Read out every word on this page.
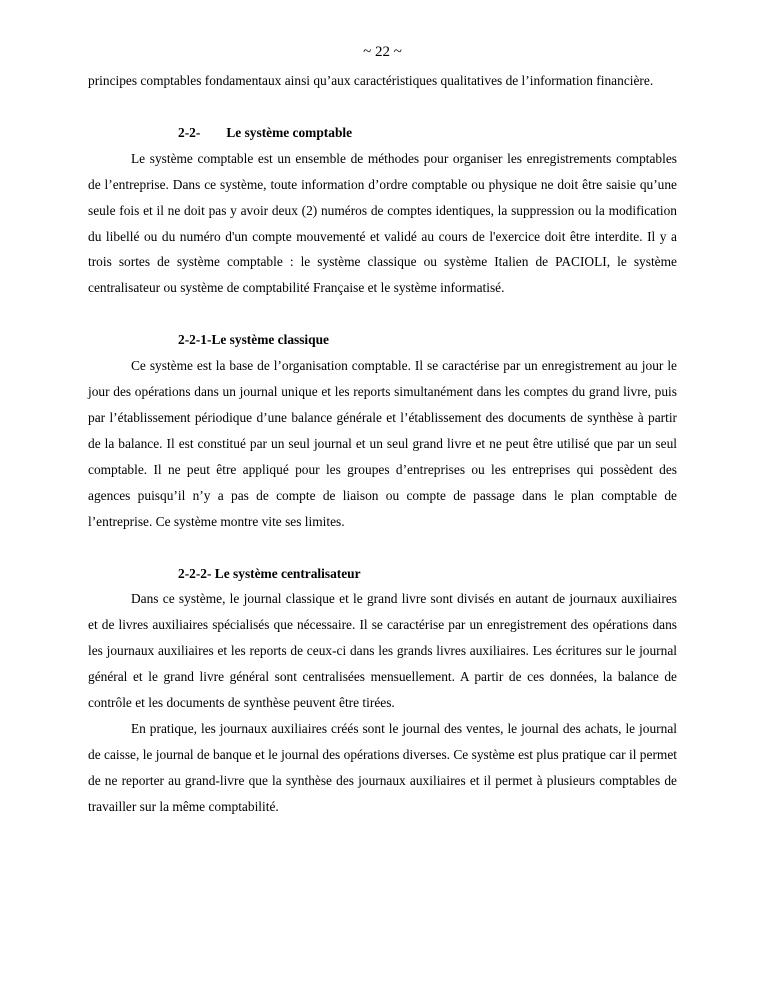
~ 22 ~

principes comptables fondamentaux ainsi qu’aux caractéristiques qualitatives de l’information financière.

2-2- Le système comptable

Le système comptable est un ensemble de méthodes pour organiser les enregistrements comptables de l’entreprise. Dans ce système, toute information d’ordre comptable ou physique ne doit être saisie qu’une seule fois et il ne doit pas y avoir deux (2) numéros de comptes identiques, la suppression ou la modification du libellé ou du numéro d'un compte mouvementé et validé au cours de l'exercice doit être interdite. Il y a trois sortes de système comptable : le système classique ou système Italien de PACIOLI, le système centralisateur ou système de comptabilité Française et le système informatisé.

2-2-1-Le système classique

Ce système est la base de l’organisation comptable. Il se caractérise par un enregistrement au jour le jour des opérations dans un journal unique et les reports simultanément dans les comptes du grand livre, puis par l’établissement périodique d’une balance générale et l’établissement des documents de synthèse à partir de la balance. Il est constitué par un seul journal et un seul grand livre et ne peut être utilisé que par un seul comptable. Il ne peut être appliqué pour les groupes d’entreprises ou les entreprises qui possèdent des agences puisqu’il n’y a pas de compte de liaison ou compte de passage dans le plan comptable de l’entreprise. Ce système montre vite ses limites.

2-2-2- Le système centralisateur

Dans ce système, le journal classique et le grand livre sont divisés en autant de journaux auxiliaires  et de livres auxiliaires spécialisés que nécessaire. Il se caractérise par un enregistrement des opérations dans les journaux auxiliaires et les reports de ceux-ci dans les grands livres auxiliaires. Les écritures sur le journal général et le grand livre général sont centralisées mensuellement. A partir de ces données, la balance de contrôle et les documents de synthèse peuvent être tirées.

En pratique, les journaux auxiliaires créés sont le journal des ventes, le journal des achats, le journal de caisse, le journal de banque et le journal des opérations diverses. Ce système est plus pratique car il permet de ne reporter au grand-livre que la synthèse des journaux auxiliaires et il permet à plusieurs comptables de travailler sur la même comptabilité.
